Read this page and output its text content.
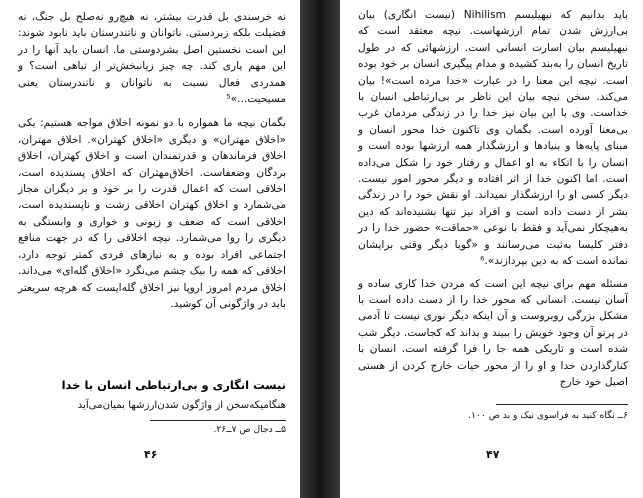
نه خرسندی بل قدرت بیشتر، نه هیچ‌رو نه‌صلح بل جنگ، نه فضیلت بلکه زبردستی. ناتوانان و ناتندرستان باید نابود شوند: این است نخستین اصل بشردوستی ما. انسان باید آنها را در این مهم یاری کند. چه چیز زیانبخش‌تر از تباهی است؟ و همدردی فعال نسبت به ناتوانان و ناتندرستان یعنی مسیحیت...»⁵

بگمان نیچه ما همواره با دو نمونه اخلاق مواجه هستیم: یکی «اخلاق مهتران» و دیگری «اخلاق کهتران». اخلاق مهتران، اخلاق فرماندهان و قدرتمندان است و اخلاق کهتران، اخلاق بردگان وضعفاست. اخلاق‌مهتران که اخلاق پسندیده است، اخلاقی است که اعمال قدرت را بر خود و بر دیگران مجاز می‌شمارد و اخلاق کهتران اخلاقی زشت و ناپسندیده است، اخلاقی است که ضعف و زبونی و خواری و وابستگی به دیگری را روا می‌شمارد. نیچه اخلاقی را که در جهت منافع اجتماعی افراد بوده و به نیازهای فردی کمتر توجه دارد، اخلاقی که همه را بیک چشم می‌نگرد «اخلاق گله‌ای» می‌داند. اخلاق مردم امروز اروپا نیز اخلاق گله‌ایست که هرچه سریعتر باید در واژگونی آن کوشید.

نیست انگاری و بی‌ارتباطی انسان با خدا
هنگامیکه‌سخن از واژگون شدن‌ارزشها بمیان‌می‌آید
۵ــ دجال ص ۷ــ۲۶.
۴۶

باید بدانیم که نیهیلیسم Nihilism (نیست انگاری) بیان بی‌ارزش شدن تمام ارزشهاست. نیچه معتقد است که نیهیلیسم بیان اسارت انسانی است. ارزشهائی که در طول تاریخ انسان را به‌بند کشیده و مدام پیگیری انسان بر خود بوده است. نیچه این معنا را در عبارت «خدا مرده است»! بیان می‌کند. سخن نیچه بیان این ناظر بر بی‌ارتباطی انسان با خداست. وی با این بیان نیز خدا را در زندگی مردمان غرب بی‌معنا آورده است. بگمان وی تاکنون خدا محور انسان و مبنای پایه‌ها و بنیادها و ارزشگذار همه ارزشها بوده است و انسان را با اتکاء به او اعمال و رفتار خود را شکل می‌داده است. اما اکنون خدا از اثر افتاده و دیگر محور امور نیست. دیگر کسی او را ارزشگذار نمیداند. او نقش خود را در زندگی بشر از دست داده است و افراد نیز تنها بشنیده‌اند که دین به‌هیچکار نمی‌آید و فقط با نوعی «حماقت» حضور خدا را در دفتر کلیسا به‌ثبت می‌رسانند و «گویا دیگر وقتی برایشان نمانده است که به دین بپردازند».⁶

مسئله مهم برای نیچه این است که مردن خدا کاری ساده و آسان نیست. انسانی که محور خدا را از دست داده است با مشکل بزرگی روبروست و آن اینکه دیگر نوری نیست تا آدمی در پرتو آن وجود خویش را ببیند و بداند که کجاست. دیگر شب شده است و تاریکی همه جا را فرا گرفته است. انسان با کنارگذاردن خدا و او را از محور حیات خارج کردن از هستی اصیل خود خارج

۶ــ نگاه کنید به فراسوی نیک و بد ص ۱۰۰.
۴۷
